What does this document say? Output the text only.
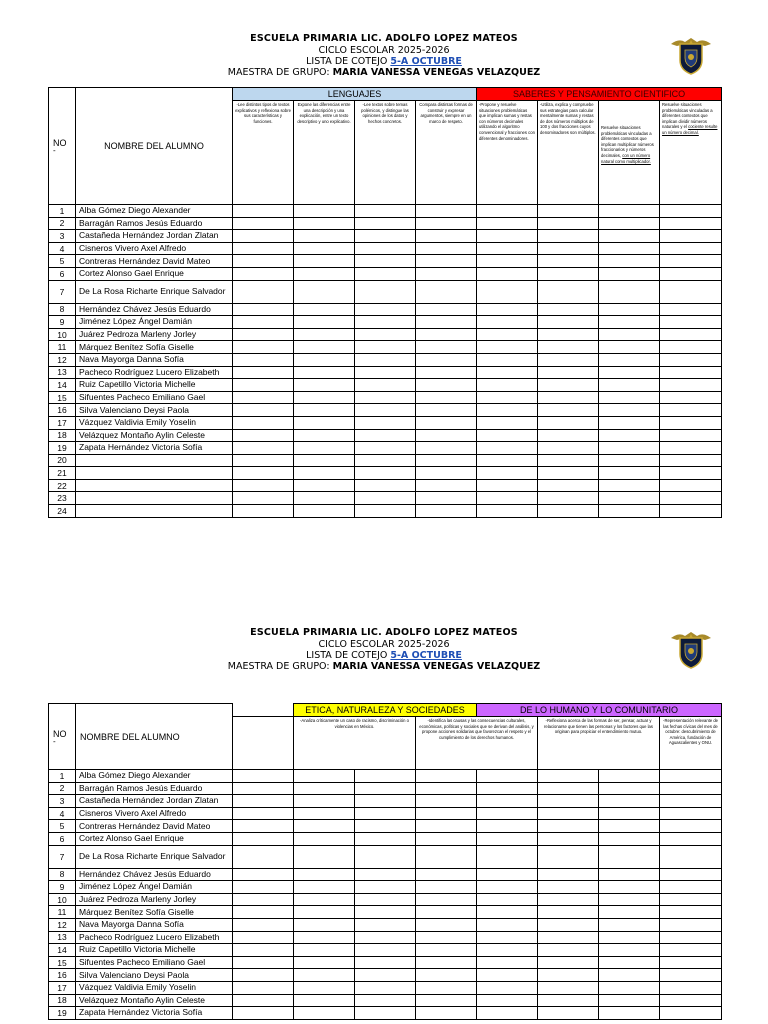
ESCUELA PRIMARIA LIC. ADOLFO LOPEZ MATEOS
CICLO ESCOLAR 2025-2026
LISTA DE COTEJO 5-A OCTUBRE
MAESTRA DE GRUPO: MARIA VANESSA VENEGAS VELAZQUEZ
NO
-	NOMBRE DEL ALUMNO	LENGUAJES				SABERES Y PENSAMIENTO CIENTIFICO			
		-Lee distintos tipos de textos explicativos y reflexiona sobre sus características y funciones.	Expone las diferencias entre una descripción y una explicación, entre un texto descriptivo y uno explicativo.	-Lee textos sobre temas polémicos, y distingue las opiniones de los datos y hechos concretos.	Compara distintas formas de construir y expresar argumentos, siempre en un marco de respeto.	-Propone y resuelve situaciones problemáticas que implican sumas y restas con números decimales utilizando el algoritmo convencional y fracciones con diferentes denominadores.	-Utiliza, explica y compruebe sus estrategias para calcular mentalmente sumas y restas de dos números múltiplos de 100 y dos fracciones cuyos denominadores son múltiplos.	Resuelve situaciones problemáticas vinculadas a diferentes contextos que implican multiplicar números fraccionarios y números decimales, con un número natural como multiplicador.	Resuelve situaciones problemáticas vinculadas a diferentes contextos que implican dividir números naturales y el cociente resulte un número decimal.
1	Alba Gómez Diego Alexander								
2	Barragán Ramos Jesús Eduardo								
3	Castañeda Hernández Jordan Zlatan								
4	Cisneros Vivero Axel Alfredo								
5	Contreras Hernández David Mateo								
6	Cortez Alonso Gael Enrique								
7	De La Rosa Richarte Enrique Salvador								
8	Hernández Chávez Jesús Eduardo								
9	Jiménez López Ángel Damián								
10	Juárez Pedroza Marleny Jorley								
11	Márquez Benítez Sofía Giselle								
12	Nava Mayorga Danna Sofía								
13	Pacheco Rodríguez Lucero Elizabeth								
14	Ruiz Capetillo Victoria Michelle								
15	Sifuentes Pacheco Emiliano Gael								
16	Silva Valenciano Deysi Paola								
17	Vázquez Valdivia Emily Yoselin								
18	Velázquez Montaño Aylin Celeste								
19	Zapata Hernández Victoria Sofía								
20									
21									
22									
23									
24									
ESCUELA PRIMARIA LIC. ADOLFO LOPEZ MATEOS
CICLO ESCOLAR 2025-2026
LISTA DE COTEJO 5-A OCTUBRE
MAESTRA DE GRUPO: MARIA VANESSA VENEGAS VELAZQUEZ
NO
-	NOMBRE DEL ALUMNO		ETICA, NATURALEZA Y SOCIEDADES			DE LO HUMANO Y LO COMUNITARIO			
			-Analiza críticamente un caso de racismo, discriminación o violencias en México.		-Identifica las causas y las consecuencias culturales, económicas, políticas y sociales que se derivan del análisis, y propone acciones solidarias que favorezcan el respeto y el cumplimiento de los derechos humanos.		-Reflexiona acerca de las formas de ser, pensar, actuar y relacionarse que tienen las personas y los factores que las originan para propiciar el entendimiento mutuo.		-Representación relevante de las fechas cívicas del mes de octubre: descubrimiento de América, fundación de Aguascalientes y ONU.
1	Alba Gómez Diego Alexander								
2	Barragán Ramos Jesús Eduardo								
3	Castañeda Hernández Jordan Zlatan								
4	Cisneros Vivero Axel Alfredo								
5	Contreras Hernández David Mateo								
6	Cortez Alonso Gael Enrique								
7	De La Rosa Richarte Enrique Salvador								
8	Hernández Chávez Jesús Eduardo								
9	Jiménez López Ángel Damián								
10	Juárez Pedroza Marleny Jorley								
11	Márquez Benítez Sofía Giselle								
12	Nava Mayorga Danna Sofía								
13	Pacheco Rodríguez Lucero Elizabeth								
14	Ruiz Capetillo Victoria Michelle								
15	Sifuentes Pacheco Emiliano Gael								
16	Silva Valenciano Deysi Paola								
17	Vázquez Valdivia Emily Yoselin								
18	Velázquez Montaño Aylin Celeste								
19	Zapata Hernández Victoria Sofía								
